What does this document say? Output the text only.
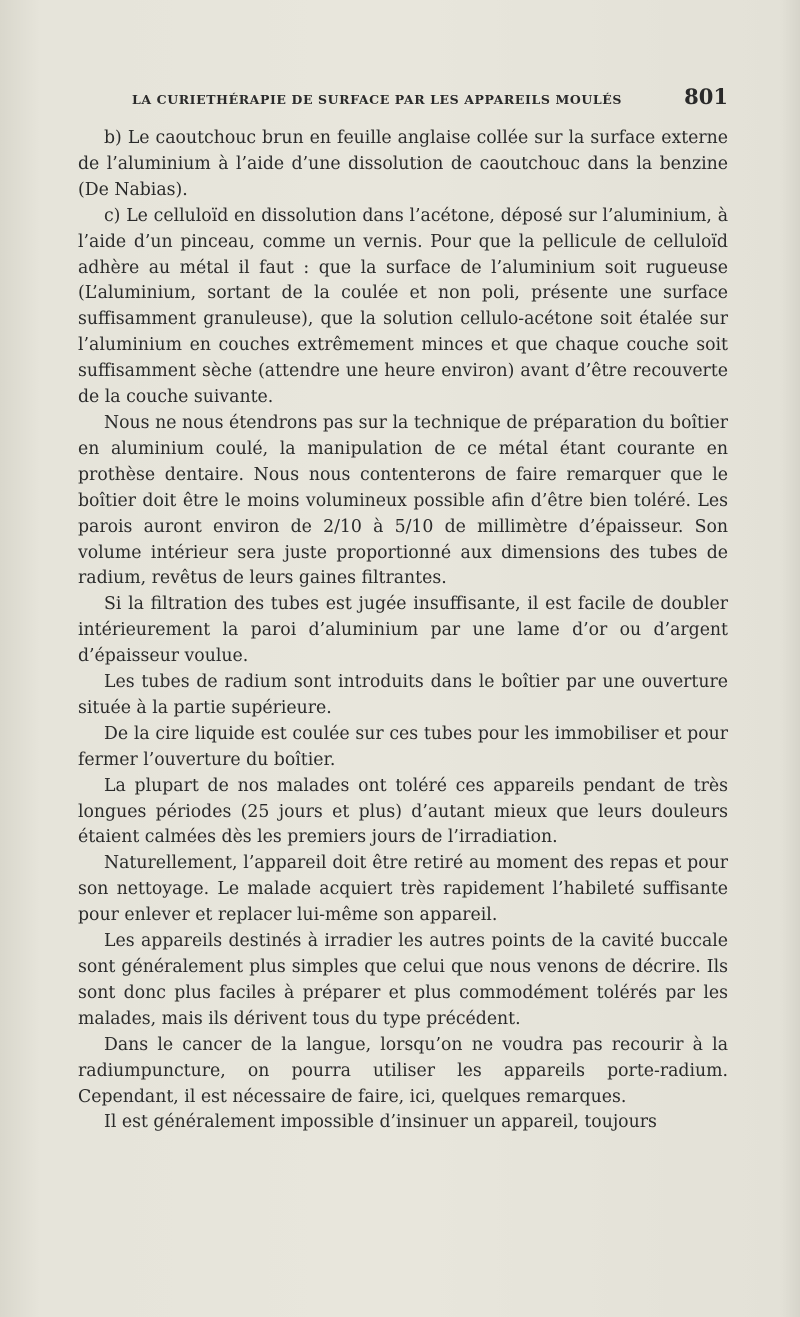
LA CURIETHÉRAPIE DE SURFACE PAR LES APPAREILS MOULÉS	801

b) Le caoutchouc brun en feuille anglaise collée sur la surface externe de l’aluminium à l’aide d’une dissolution de caoutchouc dans la benzine (De Nabias).

c) Le celluloïd en dissolution dans l’acétone, déposé sur l’aluminium, à l’aide d’un pinceau, comme un vernis. Pour que la pellicule de celluloïd adhère au métal il faut : que la surface de l’aluminium soit rugueuse (L’aluminium, sortant de la coulée et non poli, présente une surface suffisamment granuleuse), que la solution cellulo-acétone soit étalée sur l’aluminium en couches extrêmement minces et que chaque couche soit suffisamment sèche (attendre une heure environ) avant d’être recouverte de la couche suivante.

Nous ne nous étendrons pas sur la technique de préparation du boîtier en aluminium coulé, la manipulation de ce métal étant courante en prothèse dentaire. Nous nous contenterons de faire remarquer que le boîtier doit être le moins volumineux possible afin d’être bien toléré. Les parois auront environ de 2/10 à 5/10 de millimètre d’épaisseur. Son volume intérieur sera juste proportionné aux dimensions des tubes de radium, revêtus de leurs gaines filtrantes.

Si la filtration des tubes est jugée insuffisante, il est facile de doubler intérieurement la paroi d’aluminium par une lame d’or ou d’argent d’épaisseur voulue.

Les tubes de radium sont introduits dans le boîtier par une ouverture située à la partie supérieure.

De la cire liquide est coulée sur ces tubes pour les immobiliser et pour fermer l’ouverture du boîtier.

La plupart de nos malades ont toléré ces appareils pendant de très longues périodes (25 jours et plus) d’autant mieux que leurs douleurs étaient calmées dès les premiers jours de l’irradiation.

Naturellement, l’appareil doit être retiré au moment des repas et pour son nettoyage. Le malade acquiert très rapidement l’habileté suffisante pour enlever et replacer lui-même son appareil.

Les appareils destinés à irradier les autres points de la cavité buccale sont généralement plus simples que celui que nous venons de décrire. Ils sont donc plus faciles à préparer et plus commodément tolérés par les malades, mais ils dérivent tous du type précédent.

Dans le cancer de la langue, lorsqu’on ne voudra pas recourir à la radiumpuncture, on pourra utiliser les appareils porte-radium. Cependant, il est nécessaire de faire, ici, quelques remarques.

Il est généralement impossible d’insinuer un appareil, toujours
